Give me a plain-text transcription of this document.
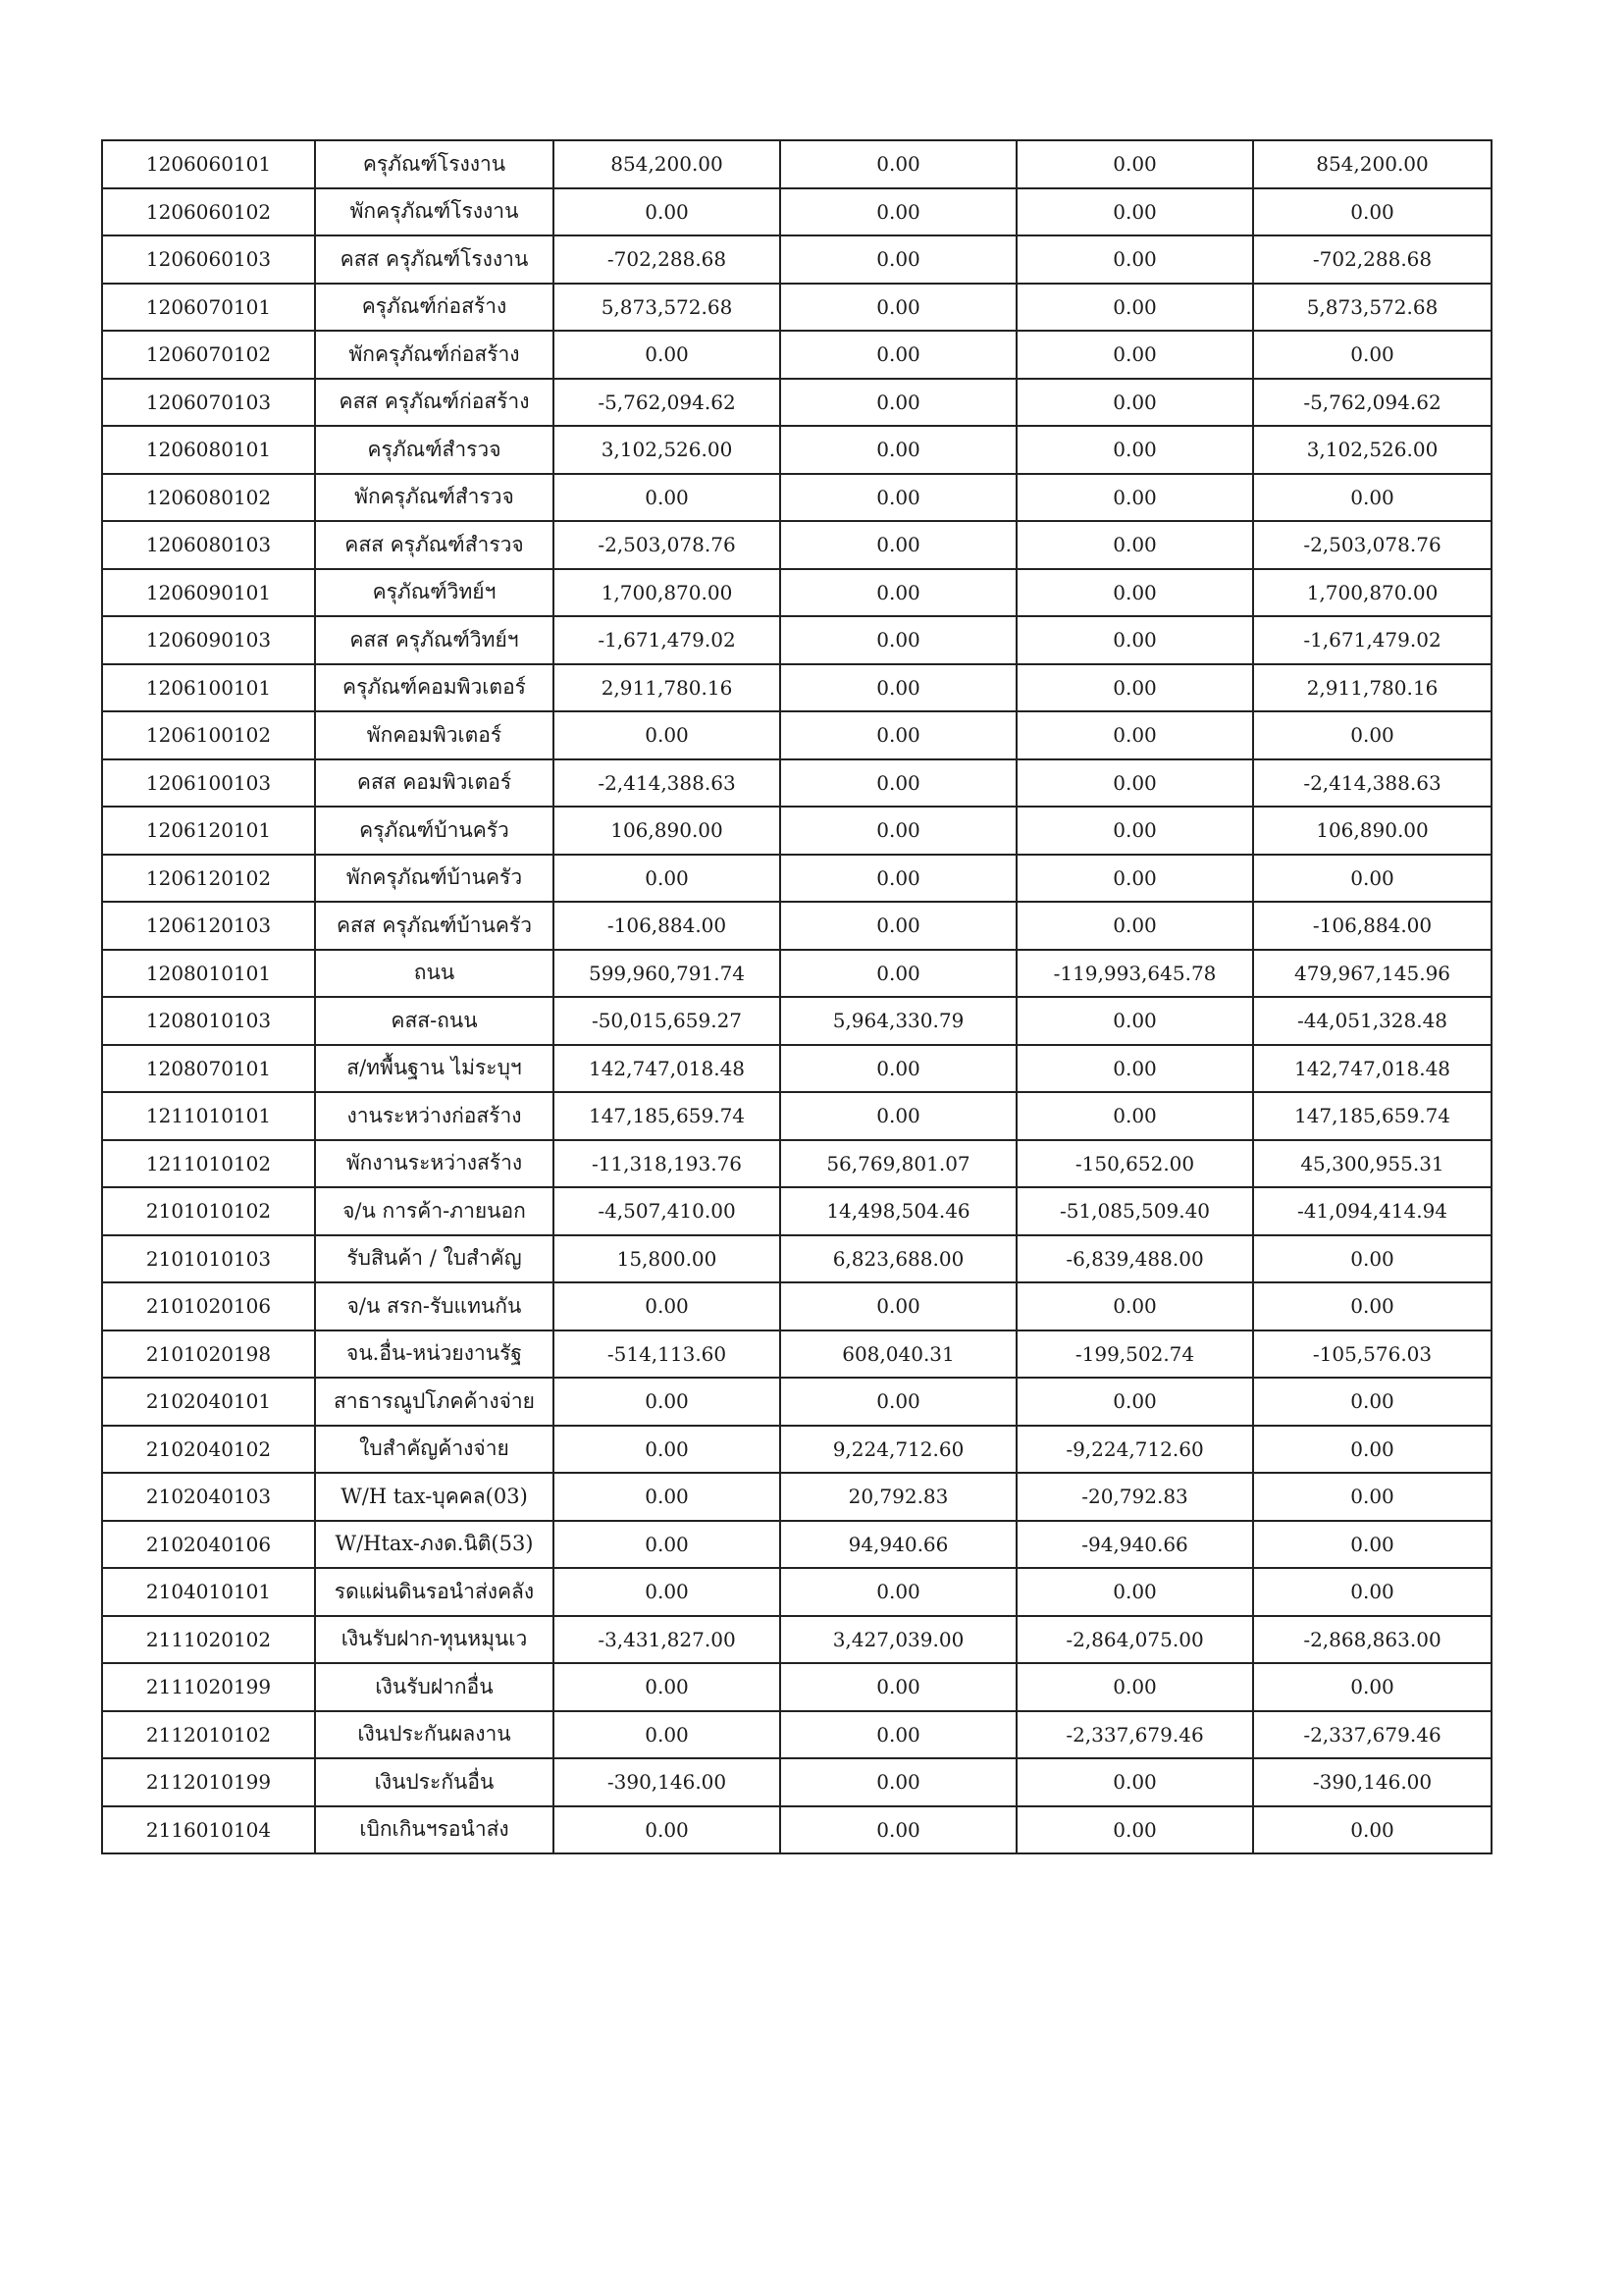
1206060101	ครุภัณฑ์โรงงาน	854,200.00	0.00	0.00	854,200.00
1206060102	พักครุภัณฑ์โรงงาน	0.00	0.00	0.00	0.00
1206060103	คสส ครุภัณฑ์โรงงาน	-702,288.68	0.00	0.00	-702,288.68
1206070101	ครุภัณฑ์ก่อสร้าง	5,873,572.68	0.00	0.00	5,873,572.68
1206070102	พักครุภัณฑ์ก่อสร้าง	0.00	0.00	0.00	0.00
1206070103	คสส ครุภัณฑ์ก่อสร้าง	-5,762,094.62	0.00	0.00	-5,762,094.62
1206080101	ครุภัณฑ์สำรวจ	3,102,526.00	0.00	0.00	3,102,526.00
1206080102	พักครุภัณฑ์สำรวจ	0.00	0.00	0.00	0.00
1206080103	คสส ครุภัณฑ์สำรวจ	-2,503,078.76	0.00	0.00	-2,503,078.76
1206090101	ครุภัณฑ์วิทย์ฯ	1,700,870.00	0.00	0.00	1,700,870.00
1206090103	คสส ครุภัณฑ์วิทย์ฯ	-1,671,479.02	0.00	0.00	-1,671,479.02
1206100101	ครุภัณฑ์คอมพิวเตอร์	2,911,780.16	0.00	0.00	2,911,780.16
1206100102	พักคอมพิวเตอร์	0.00	0.00	0.00	0.00
1206100103	คสส คอมพิวเตอร์	-2,414,388.63	0.00	0.00	-2,414,388.63
1206120101	ครุภัณฑ์บ้านครัว	106,890.00	0.00	0.00	106,890.00
1206120102	พักครุภัณฑ์บ้านครัว	0.00	0.00	0.00	0.00
1206120103	คสส ครุภัณฑ์บ้านครัว	-106,884.00	0.00	0.00	-106,884.00
1208010101	ถนน	599,960,791.74	0.00	-119,993,645.78	479,967,145.96
1208010103	คสส-ถนน	-50,015,659.27	5,964,330.79	0.00	-44,051,328.48
1208070101	ส/ทพื้นฐาน ไม่ระบุฯ	142,747,018.48	0.00	0.00	142,747,018.48
1211010101	งานระหว่างก่อสร้าง	147,185,659.74	0.00	0.00	147,185,659.74
1211010102	พักงานระหว่างสร้าง	-11,318,193.76	56,769,801.07	-150,652.00	45,300,955.31
2101010102	จ/น การค้า-ภายนอก	-4,507,410.00	14,498,504.46	-51,085,509.40	-41,094,414.94
2101010103	รับสินค้า / ใบสำคัญ	15,800.00	6,823,688.00	-6,839,488.00	0.00
2101020106	จ/น สรก-รับแทนกัน	0.00	0.00	0.00	0.00
2101020198	จน.อื่น-หน่วยงานรัฐ	-514,113.60	608,040.31	-199,502.74	-105,576.03
2102040101	สาธารณูปโภคค้างจ่าย	0.00	0.00	0.00	0.00
2102040102	ใบสำคัญค้างจ่าย	0.00	9,224,712.60	-9,224,712.60	0.00
2102040103	W/H tax-บุคคล(03)	0.00	20,792.83	-20,792.83	0.00
2102040106	W/Htax-ภงด.นิติ(53)	0.00	94,940.66	-94,940.66	0.00
2104010101	รดแผ่นดินรอนำส่งคลัง	0.00	0.00	0.00	0.00
2111020102	เงินรับฝาก-ทุนหมุนเว	-3,431,827.00	3,427,039.00	-2,864,075.00	-2,868,863.00
2111020199	เงินรับฝากอื่น	0.00	0.00	0.00	0.00
2112010102	เงินประกันผลงาน	0.00	0.00	-2,337,679.46	-2,337,679.46
2112010199	เงินประกันอื่น	-390,146.00	0.00	0.00	-390,146.00
2116010104	เบิกเกินฯรอนำส่ง	0.00	0.00	0.00	0.00
